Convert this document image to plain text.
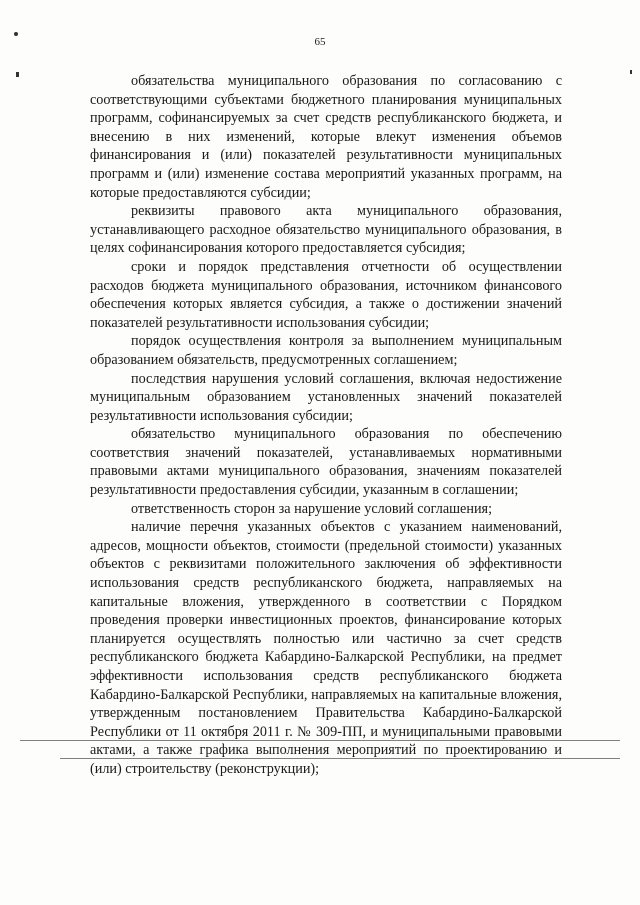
65

обязательства муниципального образования по согласованию с соответствующими субъектами бюджетного планирования муниципальных программ, софинансируемых за счет средств республиканского бюджета, и внесению в них изменений, которые влекут изменения объемов финансирования и (или) показателей результативности муниципальных программ и (или) изменение состава мероприятий указанных программ, на которые предоставляются субсидии;

реквизиты правового акта муниципального образования, устанавливающего расходное обязательство муниципального образования, в целях софинансирования которого предоставляется субсидия;

сроки и порядок представления отчетности об осуществлении расходов бюджета муниципального образования, источником финансового обеспечения которых является субсидия, а также о достижении значений показателей результативности использования субсидии;

порядок осуществления контроля за выполнением муниципальным образованием обязательств, предусмотренных соглашением;

последствия нарушения условий соглашения, включая недостижение муниципальным образованием установленных значений показателей результативности использования субсидии;

обязательство муниципального образования по обеспечению соответствия значений показателей, устанавливаемых нормативными правовыми актами муниципального образования, значениям показателей результативности предоставления субсидии, указанным в соглашении;

ответственность сторон за нарушение условий соглашения;

наличие перечня указанных объектов с указанием наименований, адресов, мощности объектов, стоимости (предельной стоимости) указанных объектов с реквизитами положительного заключения об эффективности использования средств республиканского бюджета, направляемых на капитальные вложения, утвержденного в соответствии с Порядком проведения проверки инвестиционных проектов, финансирование которых планируется осуществлять полностью или частично за счет средств республиканского бюджета Кабардино-Балкарской Республики, на предмет эффективности использования средств республиканского бюджета Кабардино-Балкарской Республики, направляемых на капитальные вложения, утвержденным постановлением Правительства Кабардино-Балкарской Республики от 11 октября 2011 г. № 309-ПП, и муниципальными правовыми актами, а также графика выполнения мероприятий по проектированию и (или) строительству (реконструкции);
